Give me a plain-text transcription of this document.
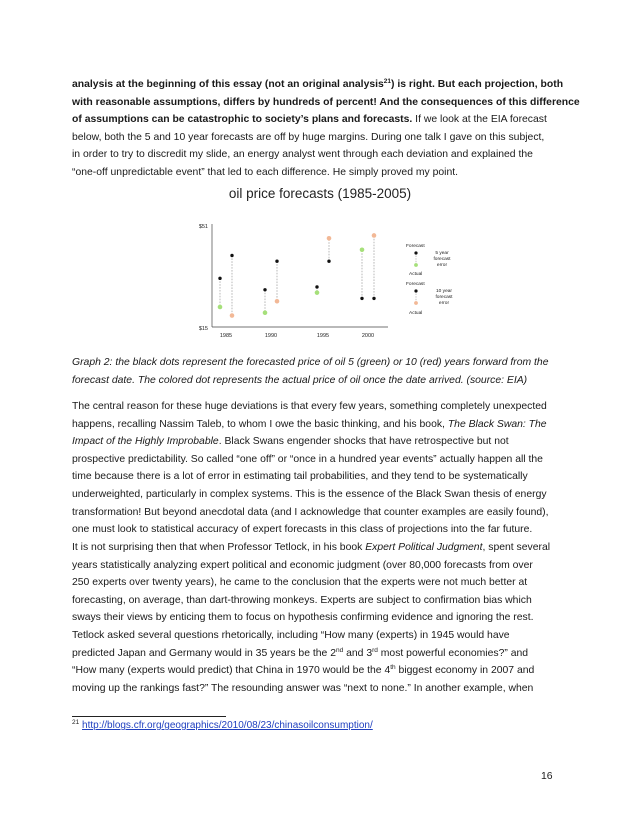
analysis at the beginning of this essay (not an original analysis$^{21}$) is right. But each projection, both

with reasonable assumptions, differs by hundreds of percent! And the consequences of this difference

of assumptions can be catastrophic to society’s plans and forecasts. If we look at the EIA forecast

below, both the 5 and 10 year forecasts are off by huge margins. During one talk I gave on this subject,

in order to try to discredit my slide, an energy analyst went through each deviation and explained the

“one-off unpredictable event” that led to each difference. He simply proved my point.

oil price forecasts (1985-2005)
$51
$15
1985	1990	1995	2000
Forecast
Actual
5 year
forecast
error
Forecast
Actual
10 year
forecast
error

Graph 2: the black dots represent the forecasted price of oil 5 (green) or 10 (red) years forward from the

forecast date. The colored dot represents the actual price of oil once the date arrived. (source: EIA)

The central reason for these huge deviations is that every few years, something completely unexpected

happens, recalling Nassim Taleb, to whom I owe the basic thinking, and his book, The Black Swan: The

Impact of the Highly Improbable. Black Swans engender shocks that have retrospective but not

prospective predictability. So called “one off” or “once in a hundred year events” actually happen all the

time because there is a lot of error in estimating tail probabilities, and they tend to be systematically

underweighted, particularly in complex systems. This is the essence of the Black Swan thesis of energy

transformation! But beyond anecdotal data (and I acknowledge that counter examples are easily found),

one must look to statistical accuracy of expert forecasts in this class of projections into the far future.

It is not surprising then that when Professor Tetlock, in his book Expert Political Judgment, spent several

years statistically analyzing expert political and economic judgment (over 80,000 forecasts from over

250 experts over twenty years), he came to the conclusion that the experts were not much better at

forecasting, on average, than dart-throwing monkeys. Experts are subject to confirmation bias which

sways their views by enticing them to focus on hypothesis confirming evidence and ignoring the rest.

Tetlock asked several questions rhetorically, including “How many (experts) in 1945 would have

predicted Japan and Germany would in 35 years be the 2nd and 3rd most powerful economies?” and

“How many (experts would predict) that China in 1970 would be the 4th biggest economy in 2007 and

moving up the rankings fast?” The resounding answer was “next to none.” In another example, when

$^{21}$ http://blogs.cfr.org/geographics/2010/08/23/chinasoilconsumption/
16
